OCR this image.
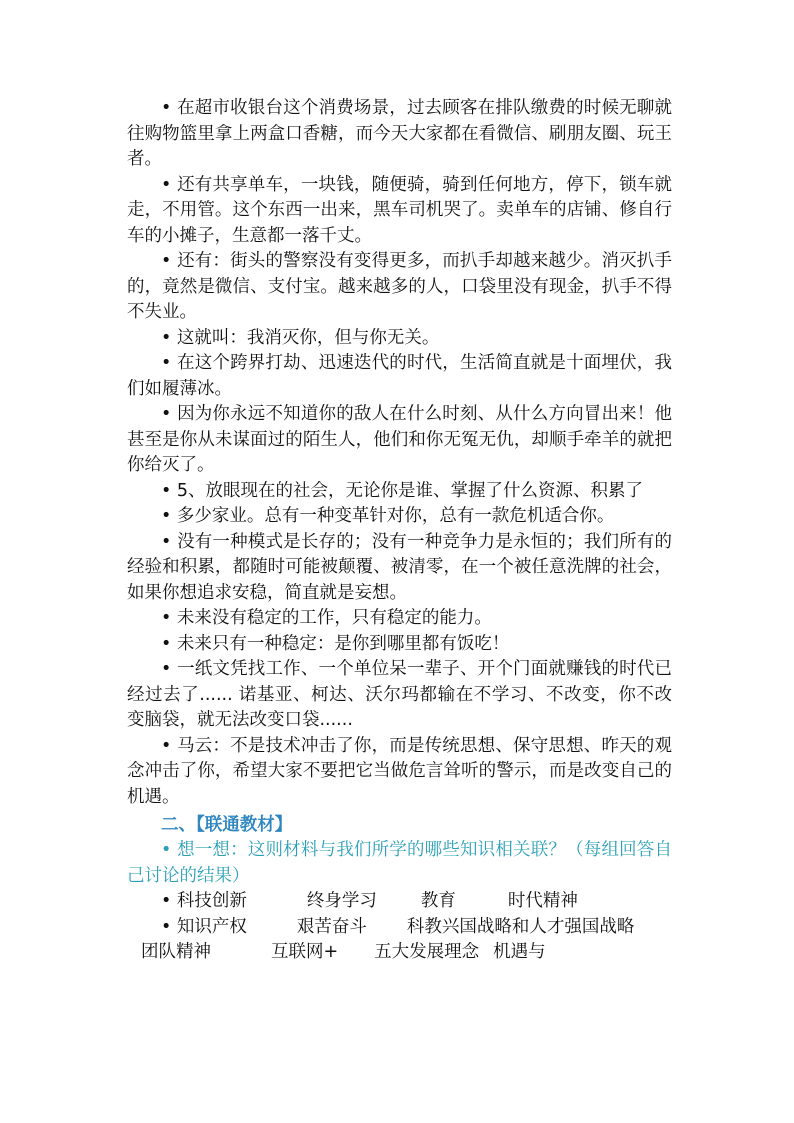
• 在超市收银台这个消费场景，过去顾客在排队缴费的时候无聊就往购物篮里拿上两盒口香糖，而今天大家都在看微信、刷朋友圈、玩王者。

• 还有共享单车，一块钱，随便骑，骑到任何地方，停下，锁车就走，不用管。这个东西一出来，黑车司机哭了。卖单车的店铺、修自行车的小摊子，生意都一落千丈。

• 还有：街头的警察没有变得更多，而扒手却越来越少。消灭扒手的，竟然是微信、支付宝。越来越多的人，口袋里没有现金，扒手不得不失业。

• 这就叫：我消灭你，但与你无关。

• 在这个跨界打劫、迅速迭代的时代，生活简直就是十面埋伏，我们如履薄冰。

• 因为你永远不知道你的敌人在什么时刻、从什么方向冒出来！他甚至是你从未谋面过的陌生人，他们和你无冤无仇，却顺手牵羊的就把你给灭了。

• 5、放眼现在的社会，无论你是谁、掌握了什么资源、积累了

• 多少家业。总有一种变革针对你，总有一款危机适合你。

• 没有一种模式是长存的；没有一种竞争力是永恒的；我们所有的经验和积累，都随时可能被颠覆、被清零，在一个被任意洗牌的社会，如果你想追求安稳，简直就是妄想。

• 未来没有稳定的工作，只有稳定的能力。

• 未来只有一种稳定：是你到哪里都有饭吃！

• 一纸文凭找工作、一个单位呆一辈子、开个门面就赚钱的时代已经过去了...... 诺基亚、柯达、沃尔玛都输在不学习、不改变，你不改变脑袋，就无法改变口袋......

• 马云：不是技术冲击了你，而是传统思想、保守思想、昨天的观念冲击了你，希望大家不要把它当做危言耸听的警示，而是改变自己的机遇。

二、【联通教材】

• 想一想：这则材料与我们所学的哪些知识相关联？（每组回答自己讨论的结果）

• 科技创新	终身学习	教育	时代精神

• 知识产权	艰苦奋斗 科教兴国战略和人才强国战略团队精神	互联网+ 五大发展理念 机遇与
